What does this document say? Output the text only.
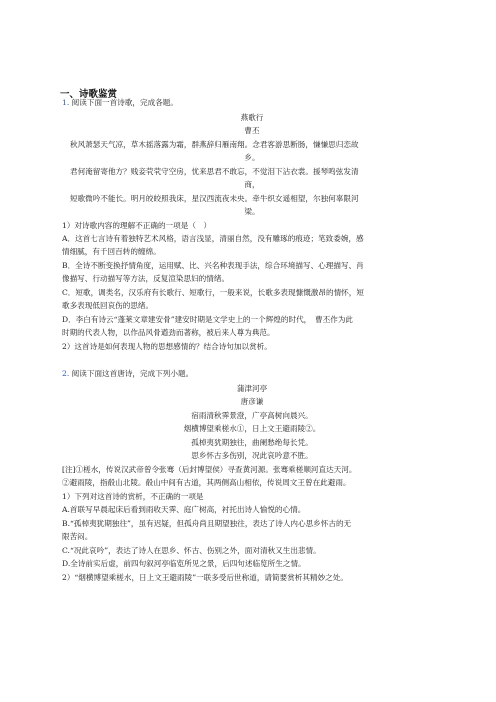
一、诗歌鉴赏
1. 阅读下面一首诗歌，完成各题。
燕歌行
曹丕
秋风萧瑟天气凉，草木摇落露为霜，群燕辞归雁南翔。念君客游思断肠，慊慊思归恋故
乡。
君何淹留寄他方？贱妾茕茕守空房，忧来思君不敢忘，不觉泪下沾衣裳。援琴鸣弦发清
商，
短歌微吟不能长。明月皎皎照我床，星汉西流夜未央。牵牛织女遥相望，尔独何辜限河
梁。
1）对诗歌内容的理解不正确的一项是（　）
A．这首七言诗有着独特艺术风格，语言浅显，清丽自然，没有雕琢的痕迹；笔致委婉，感
情细腻，有千回百转的缠绵。
B．全诗不断变换抒情角度，运用赋、比、兴名种表现手法，综合环境描写、心理描写、肖
像描写、行动描写等方法，反复渲染思妇的情绪。
C．短歌，调类名，汉乐府有长歌行、短歌行，一般来说，长歌多表现慷慨激昂的情怀，短
歌多表现低回哀伤的思绪。
D．李白有诗云“蓬莱文章建安骨”建安时期是文学史上的一个辉煌的时代，　曹丕作为此
时期的代表人物，以作品风骨遒劲而著称，被后来人尊为典范。
2）这首诗是如何表现人物的思想感情的？结合诗句加以赏析。
2. 阅读下面这首唐诗，完成下列小题。
蒲津河亭
唐彦谦
宿雨清秋霁景澄，广亭高树向晨兴。
烟横博望乘槎水①，日上文王避雨陵②。
孤棹夷犹期独往，曲阑愁绝每长凭。
思乡怀古多伤别，况此哀吟意不胜。
[注]①槎水，传说汉武帝曾令张骞（后封博望侯）寻查黄河源。张骞乘槎顺河直达天河。
②避雨陵，指殽山北陵。殽山中间有古道，其两侧高山相依，传说周文王曾在此避雨。
1）下列对这首诗的赏析，不正确的一项是
A.首联写早晨起床后看到雨收天霁、庭广树高，衬托出诗人愉悦的心情。
B.“孤棹夷犹期独往”，虽有迟疑，但孤舟尚且期望独往，表达了诗人内心思乡怀古的无
限苦闷。
C.“况此哀吟”，表达了诗人在思乡、怀古、伤别之外，面对清秋又生出悲情。
D.全诗前实后虚，前四句叙河亭临览所见之景，后四句述临览所生之情。
2）“烟横博望乘槎水，日上文王避雨陵”一联多受后世称道，请简要赏析其精妙之处。
